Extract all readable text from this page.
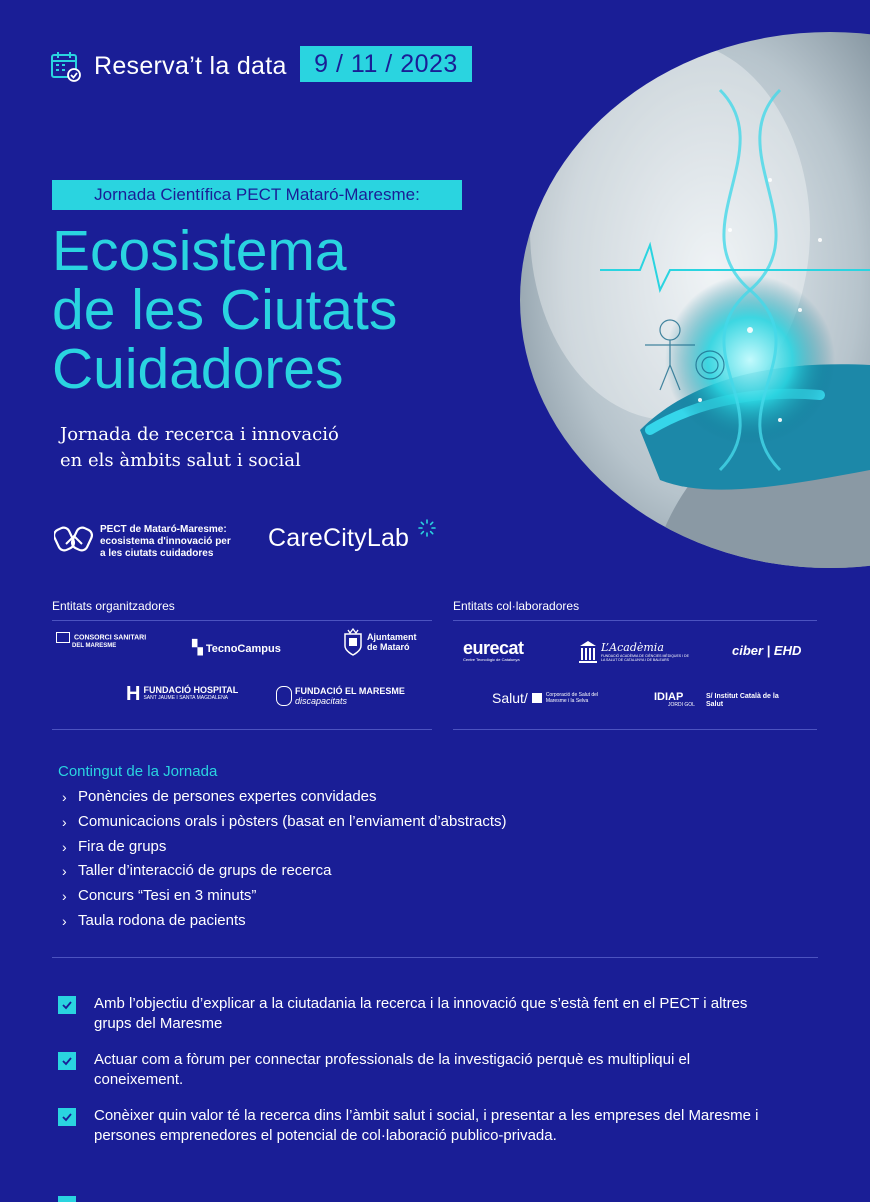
Reserva’t la data	9 / 11 / 2023
Jornada Científica PECT Mataró-Maresme:
Ecosistema
de les Ciutats
Cuidadores
Jornada de recerca i innovació
en els àmbits salut i social
PECT de Mataró-Maresme:
ecosistema d'innovació per
a les ciutats cuidadores
CareCityLab
Entitats organitzadores	Entitats col·laboradores
CONSORCI SANITARI
DEL MARESME	▚ TecnoCampus
Ajuntament
de Mataró
H FUNDACIÓ HOSPITAL
SANT JAUME I SANTA MAGDALENA
FUNDACIÓ EL MARESME
discapacitats
eurecat
Centre Tecnològic de Catalunya
L’Acadèmia
FUNDACIÓ ACADÈMIA DE CIÈNCIES MÈDIQUES I DE LA SALUT DE CATALUNYA I DE BALEARS
ciber | EHD
Salut/	Corporació de Salut del Maresme i la Selva	IDIAP
JORDI GOL
S/ Institut Català de la Salut
Contingut de la Jornada
› Ponències de persones expertes convidades
› Comunicacions orals i pòsters (basat en l’enviament d’abstracts)
› Fira de grups
› Taller d’interacció de grups de recerca
› Concurs “Tesi en 3 minuts”
› Taula rodona de pacients
Amb l’objectiu d’explicar a la ciutadania la recerca i la innovació que s’està fent en el PECT i altres grups del Maresme
Actuar com a fòrum per connectar professionals de la investigació perquè es multipliqui el coneixement.
Conèixer quin valor té la recerca dins l’àmbit salut i social, i presentar a les empreses del Maresme i persones emprenedores el potencial de col·laboració publico-privada.
